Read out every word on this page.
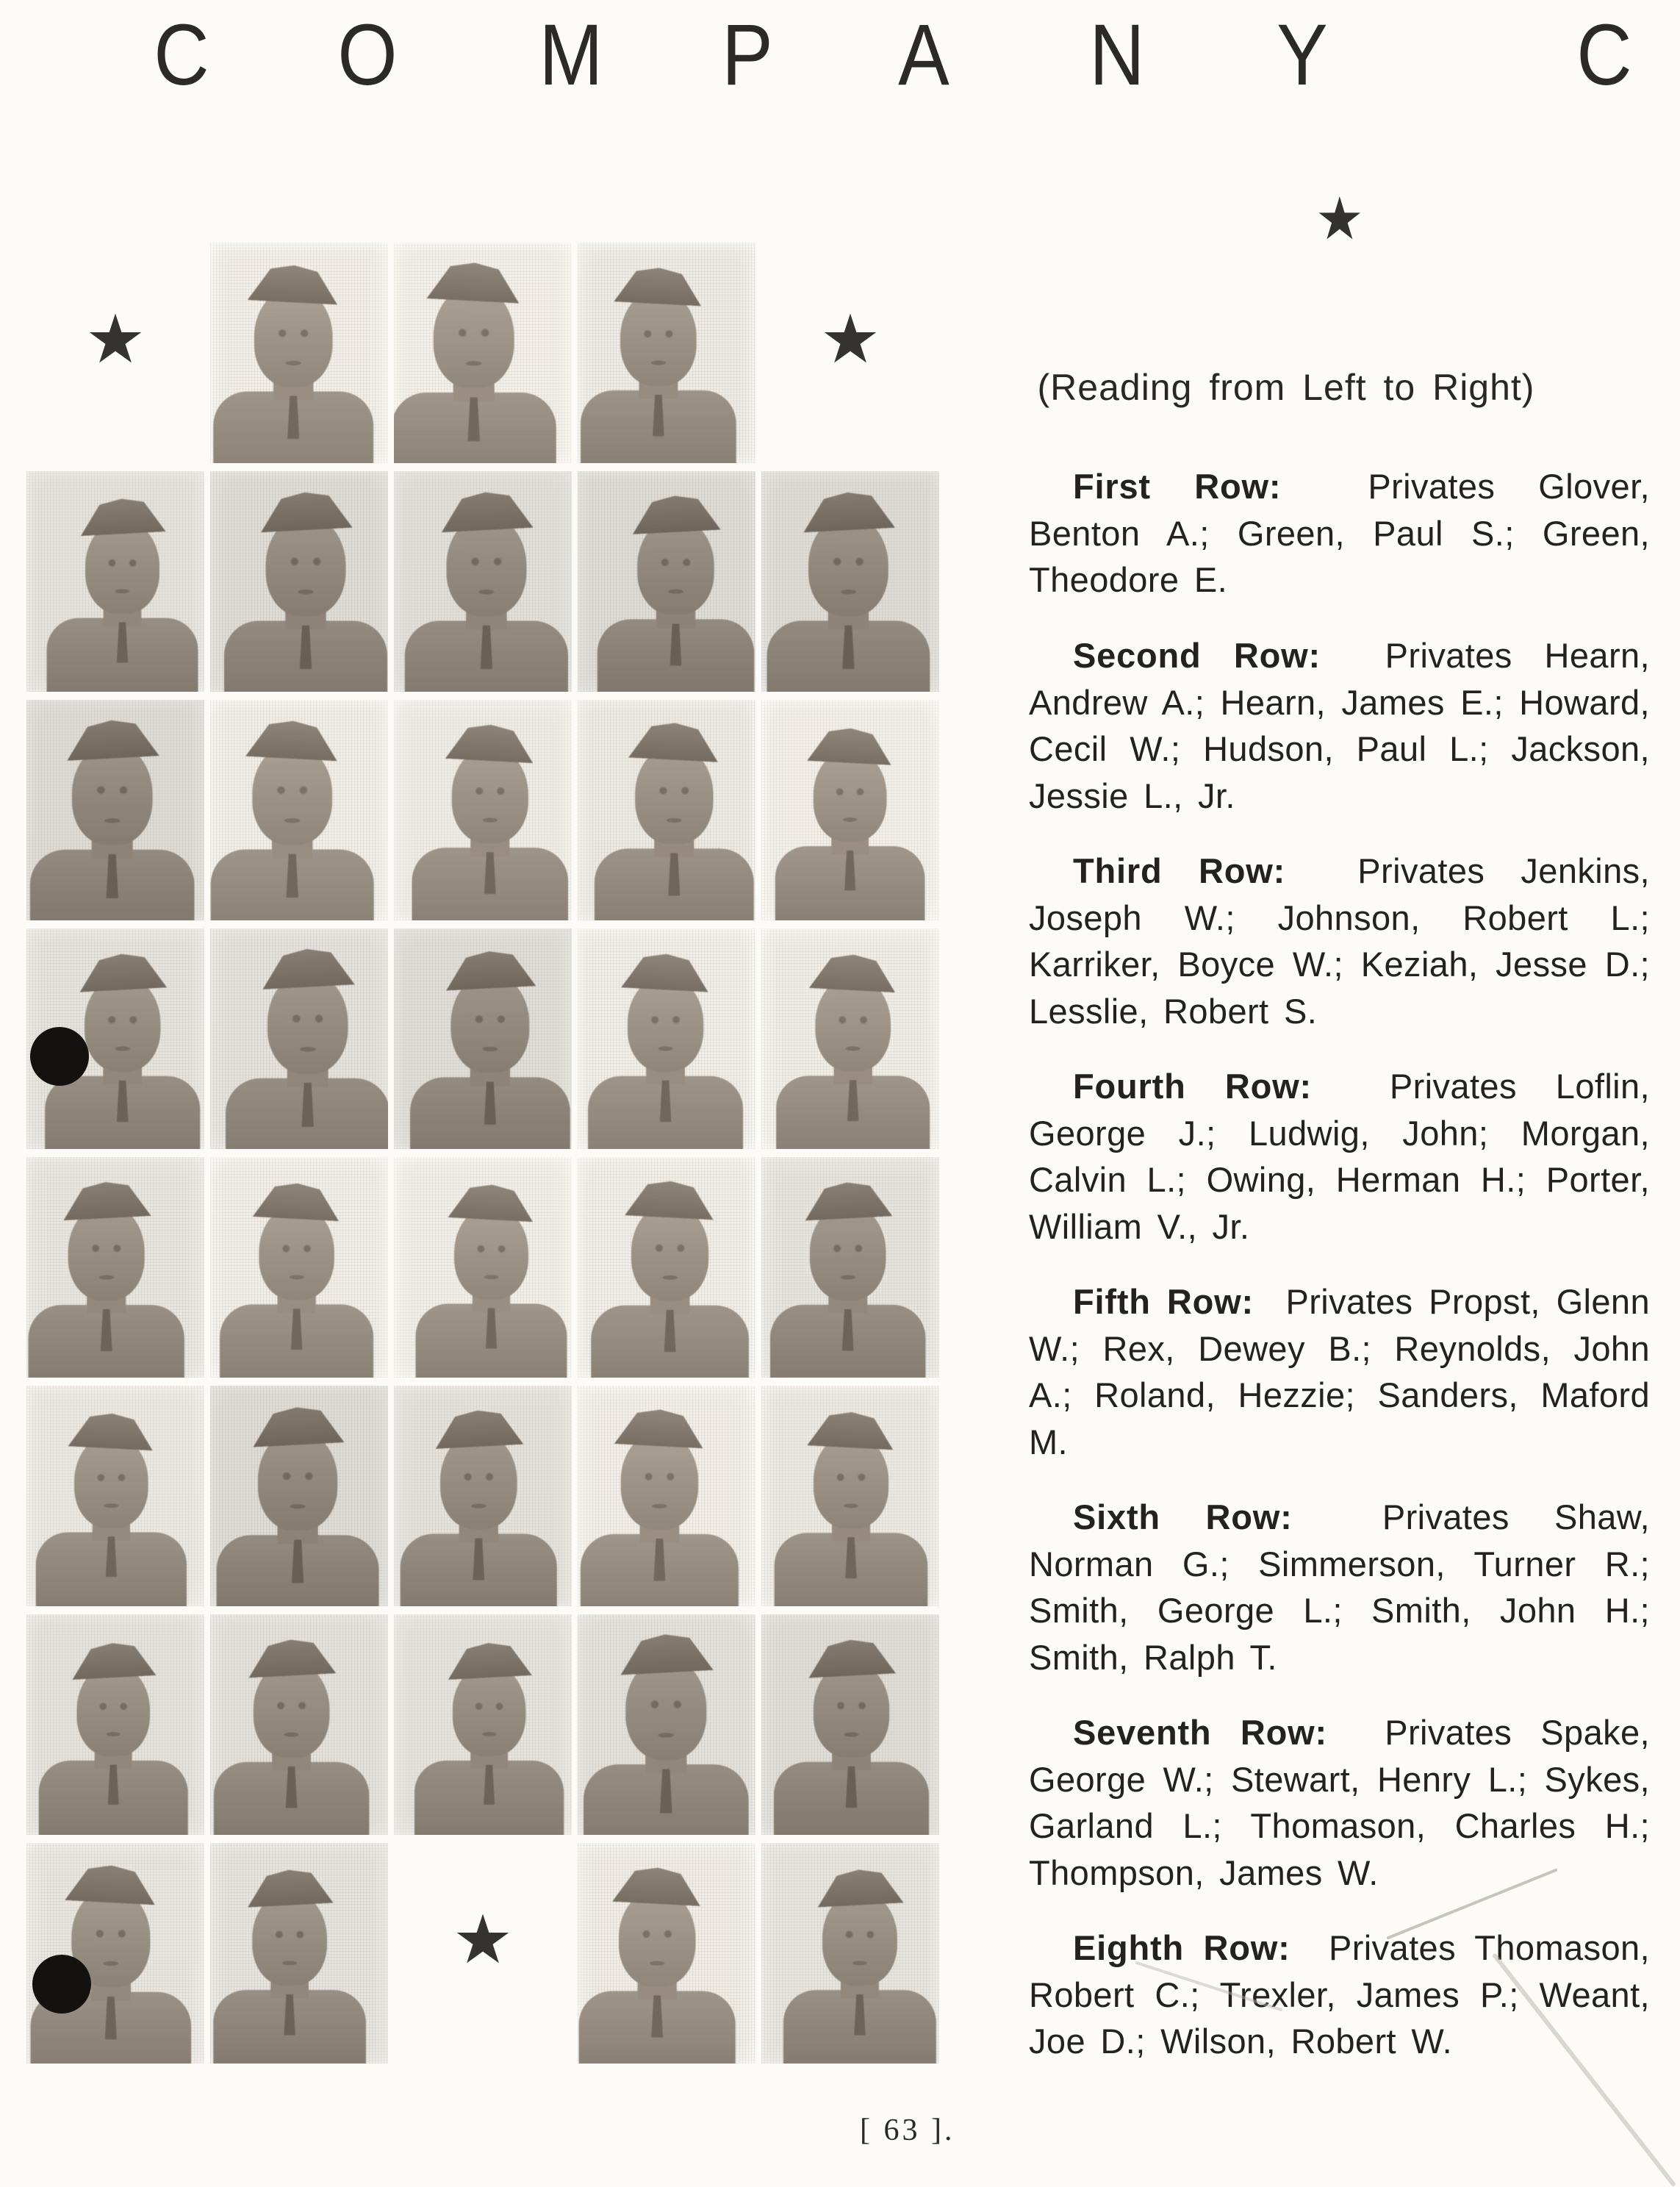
C O M P A N Y	C
★	★
★
★
(Reading from Left to Right)

First Row:	Privates Glover, Benton A.; Green, Paul S.; Green, Theodore E.

Second Row: Privates Hearn, Andrew A.; Hearn, James E.; Howard, Cecil W.; Hudson, Paul L.; Jackson, Jessie L., Jr.

Third Row: Privates Jenkins, Joseph W.; Johnson, Robert L.; Karriker, Boyce W.; Keziah, Jesse D.; Lesslie, Robert S.

Fourth Row: Privates Loflin, George J.; Ludwig, John; Morgan, Calvin L.; Owing, Herman H.; Porter, William V., Jr.

Fifth Row: Privates Propst, Glenn W.; Rex, Dewey B.; Reynolds, John A.; Roland, Hezzie; Sanders, Maford M.

Sixth Row:	Privates Shaw, Norman G.; Simmerson, Turner R.; Smith, George L.; Smith, John H.; Smith, Ralph T.

Seventh Row: Privates Spake, George W.; Stewart, Henry L.; Sykes, Garland L.; Thomason, Charles H.; Thompson, James W.

Eighth Row: Privates Thomason, Robert C.; Trexler, James P.; Weant, Joe D.; Wilson, Robert W.

[ 63 ].
